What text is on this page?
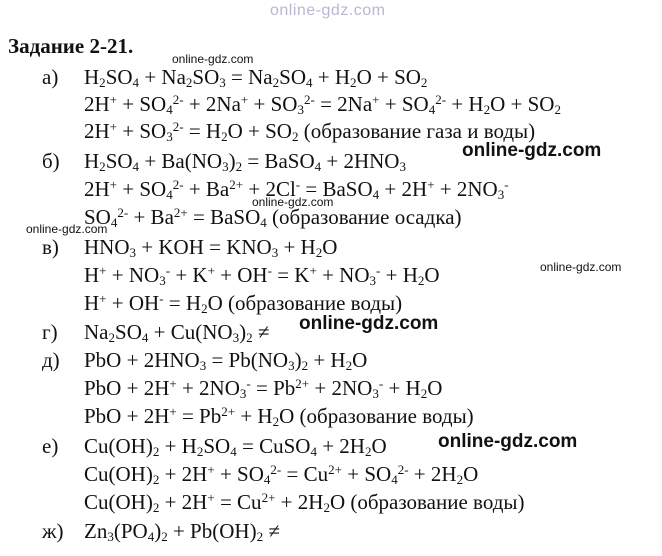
online-gdz.com
Задание 2-21.
а) $H_2SO_4 + Na_2SO_3 = Na_2SO_4 + H_2O + SO_2$
$2H^+ + SO_4^{2-} + 2Na^+ + SO_3^{2-} = 2Na^+ + SO_4^{2-} + H_2O + SO_2$
$2H^+ + SO_3^{2-} = H_2O + SO_2$ (образование газа и воды)
б) $H_2SO_4 + Ba(NO_3)_2$ = BaSO$_4$ + $2HNO_3$
$2H^+ + SO_4^{2-} + Ba^{2+} + 2Cl^-$ = BaSO$_4$ + $2H^+ + 2NO_3^-$
$SO_4^{2-} + Ba^{2+}$ = BaSO$_4$ (образование осадка)
в) $HNO_3$ + KOH = $KNO_3 + H_2O$
$H^+ + NO_3^- + K^+ + OH^- = K^+ + NO_3^- + H_2O$
$H^+ + OH^- = H_2O$ (образование воды)
г) $Na_2SO_4 + Cu(NO_3)_2$ ≠
д) PbO + $2HNO_3 = Pb(NO_3)_2 + H_2O$
PbO + $2H^+ + 2NO_3^- = Pb^{2+} + 2NO_3^- + H_2O$
PbO + $2H^+ = Pb^{2+} + H_2O$ (образование воды)
е) $Cu(OH)_2 + H_2SO_4$ = CuSO$_4$ + $2H_2O$
$Cu(OH)_2 + 2H^+ + SO_4^{2-} = Cu^{2+} + SO_4^{2-} + 2H_2O$
$Cu(OH)_2 + 2H^+ = Cu^{2+} + 2H_2O$ (образование воды)
ж) $Zn_3(PO_4)_2 + Pb(OH)_2$ ≠
online-gdz.com
online-gdz.com
online-gdz.com
online-gdz.com
online-gdz.com
online-gdz.com
online-gdz.com
